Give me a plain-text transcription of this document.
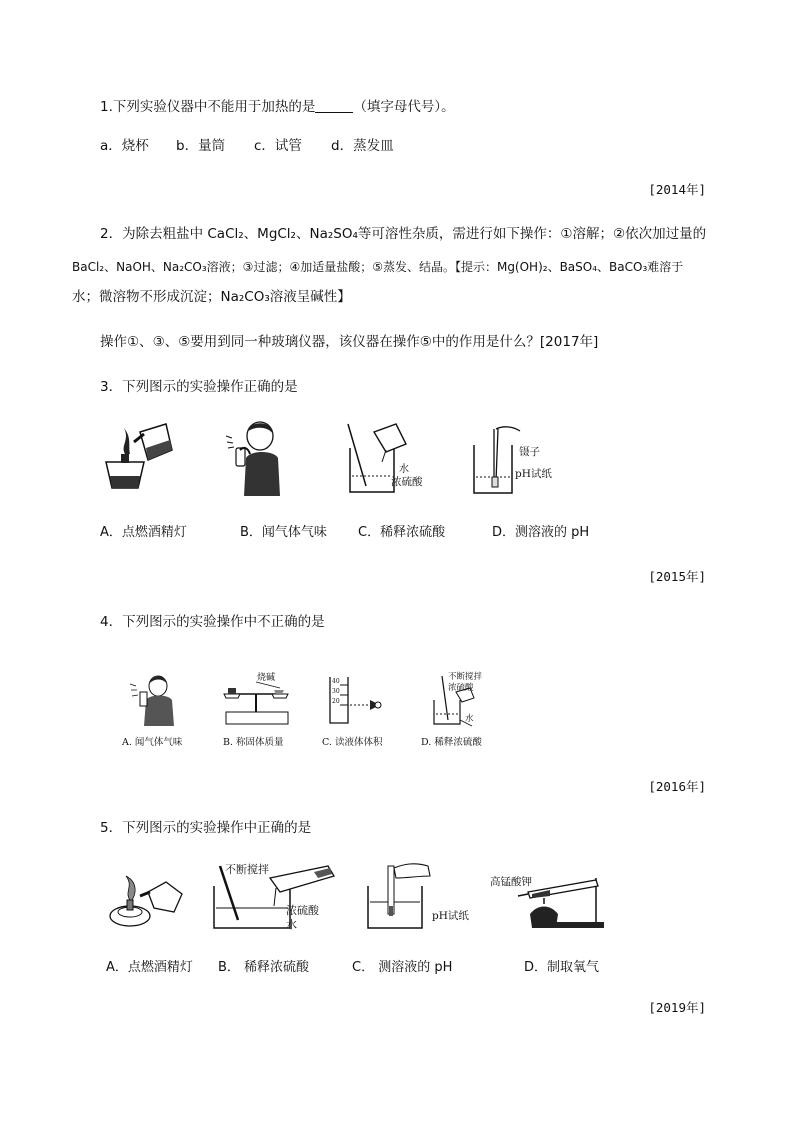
1.下列实验仪器中不能用于加热的是	（填字母代号）。
a．烧杯 b．量筒 c．试管 d．蒸发皿
[2014年]
2．为除去粗盐中 CaCl₂、MgCl₂、Na₂SO₄等可溶性杂质，需进行如下操作：①溶解；②依次加过量的
BaCl₂、NaOH、Na₂CO₃溶液；③过滤；④加适量盐酸；⑤蒸发、结晶。【提示：Mg(OH)₂、BaSO₄、BaCO₃难溶于
水；微溶物不形成沉淀；Na₂CO₃溶液呈碱性】
操作①、③、⑤要用到同一种玻璃仪器，该仪器在操作⑤中的作用是什么？[2017年]
3．下列图示的实验操作正确的是
水
浓硫酸
镊子
pH试纸
A．点燃酒精灯	B．闻气体气味 C．稀释浓硫酸	D．测溶液的 pH
[2015年]
4．下列图示的实验操作中不正确的是
烧碱	40
30
20
不断搅拌
浓硫酸
水
A. 闻气体气味	B. 称固体质量	C. 读液体体积	D. 稀释浓硫酸
[2016年]
5．下列图示的实验操作中正确的是
不断搅拌
浓硫酸
水
pH试纸
高锰酸钾
A．点燃酒精灯 B． 稀释浓硫酸	C． 测溶液的 pH	D．制取氧气
[2019年]
